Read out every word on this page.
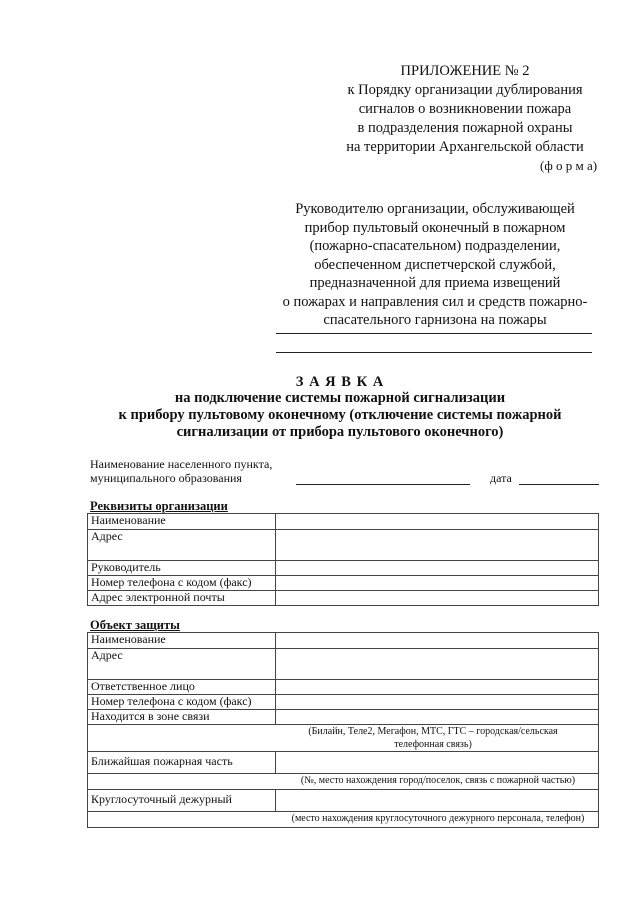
ПРИЛОЖЕНИЕ № 2
к Порядку организации дублирования
сигналов о возникновении пожара
в подразделения пожарной охраны
на территории Архангельской области
(ф о р м а)
Руководителю организации, обслуживающей
прибор пультовый оконечный в пожарном
(пожарно-спасательном) подразделении,
обеспеченном диспетчерской службой,
предназначенной для приема извещений
о пожарах и направления сил и средств пожарно-
спасательного гарнизона на пожары
З А Я В К А
на подключение системы пожарной сигнализации
к прибору пультовому оконечному (отключение системы пожарной
сигнализации от прибора пультового оконечного)
Наименование населенного пункта,
муниципального образования	дата
Реквизиты организации
Наименование	
Адрес	
Руководитель	
Номер телефона с кодом (факс)	
Адрес электронной почты	
Объект защиты
Наименование	
Адрес	
Ответственное лицо	
Номер телефона с кодом (факс)	
Находится в зоне связи	

(Билайн, Теле2, Мегафон, МТС, ГТС – городская/сельская
телефонная связь)	

Ближайшая пожарная часть	

(№, место нахождения город/поселок, связь с пожарной частью)	

Круглосуточный дежурный	

(место нахождения круглосуточного дежурного персонала, телефон)	
